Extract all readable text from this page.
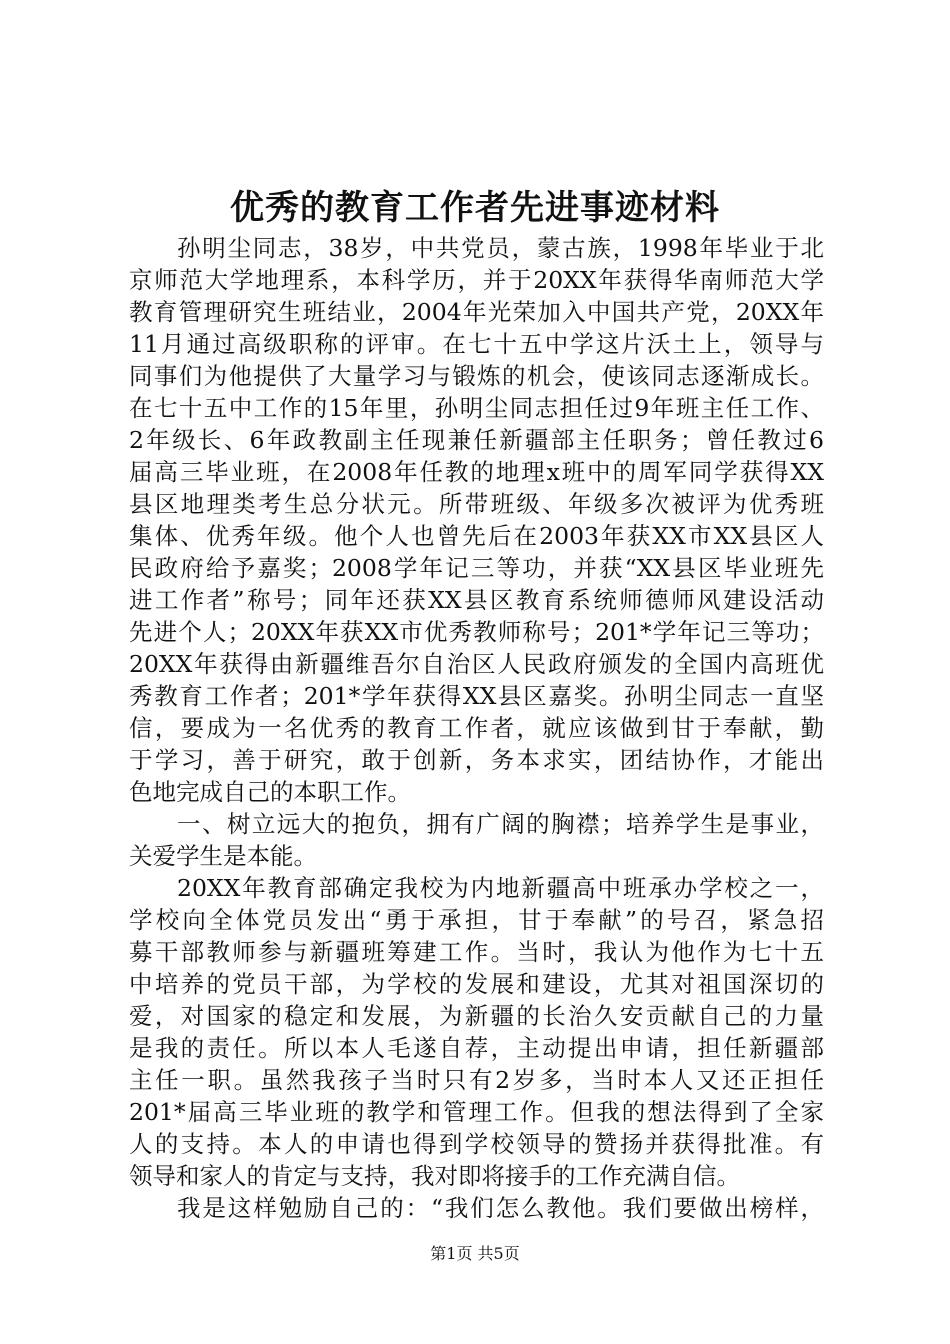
优秀的教育工作者先进事迹材料
孙明尘同志，38岁，中共党员，蒙古族，1998年毕业于北
京师范大学地理系，本科学历，并于20XX年获得华南师范大学
教育管理研究生班结业，2004年光荣加入中国共产党，20XX年
11月通过高级职称的评审。在七十五中学这片沃土上，领导与
同事们为他提供了大量学习与锻炼的机会，使该同志逐渐成长。
在七十五中工作的15年里，孙明尘同志担任过9年班主任工作、
2年级长、6年政教副主任现兼任新疆部主任职务；曾任教过6
届高三毕业班，在2008年任教的地理x班中的周军同学获得XX
县区地理类考生总分状元。所带班级、年级多次被评为优秀班
集体、优秀年级。他个人也曾先后在2003年获XX市XX县区人
民政府给予嘉奖；2008学年记三等功，并获“XX县区毕业班先
进工作者”称号；同年还获XX县区教育系统师德师风建设活动
先进个人；20XX年获XX市优秀教师称号；201*学年记三等功；
20XX年获得由新疆维吾尔自治区人民政府颁发的全国内高班优
秀教育工作者；201*学年获得XX县区嘉奖。孙明尘同志一直坚
信，要成为一名优秀的教育工作者，就应该做到甘于奉献，勤
于学习，善于研究，敢于创新，务本求实，团结协作，才能出
色地完成自己的本职工作。
一、树立远大的抱负，拥有广阔的胸襟；培养学生是事业，
关爱学生是本能。
20XX年教育部确定我校为内地新疆高中班承办学校之一，
学校向全体党员发出“勇于承担，甘于奉献”的号召，紧急招
募干部教师参与新疆班筹建工作。当时，我认为他作为七十五
中培养的党员干部，为学校的发展和建设，尤其对祖国深切的
爱，对国家的稳定和发展，为新疆的长治久安贡献自己的力量
是我的责任。所以本人毛遂自荐，主动提出申请，担任新疆部
主任一职。虽然我孩子当时只有2岁多，当时本人又还正担任
201*届高三毕业班的教学和管理工作。但我的想法得到了全家
人的支持。本人的申请也得到学校领导的赞扬并获得批准。有
领导和家人的肯定与支持，我对即将接手的工作充满自信。
我是这样勉励自己的：“我们怎么教他。我们要做出榜样，
第1页 共5页
